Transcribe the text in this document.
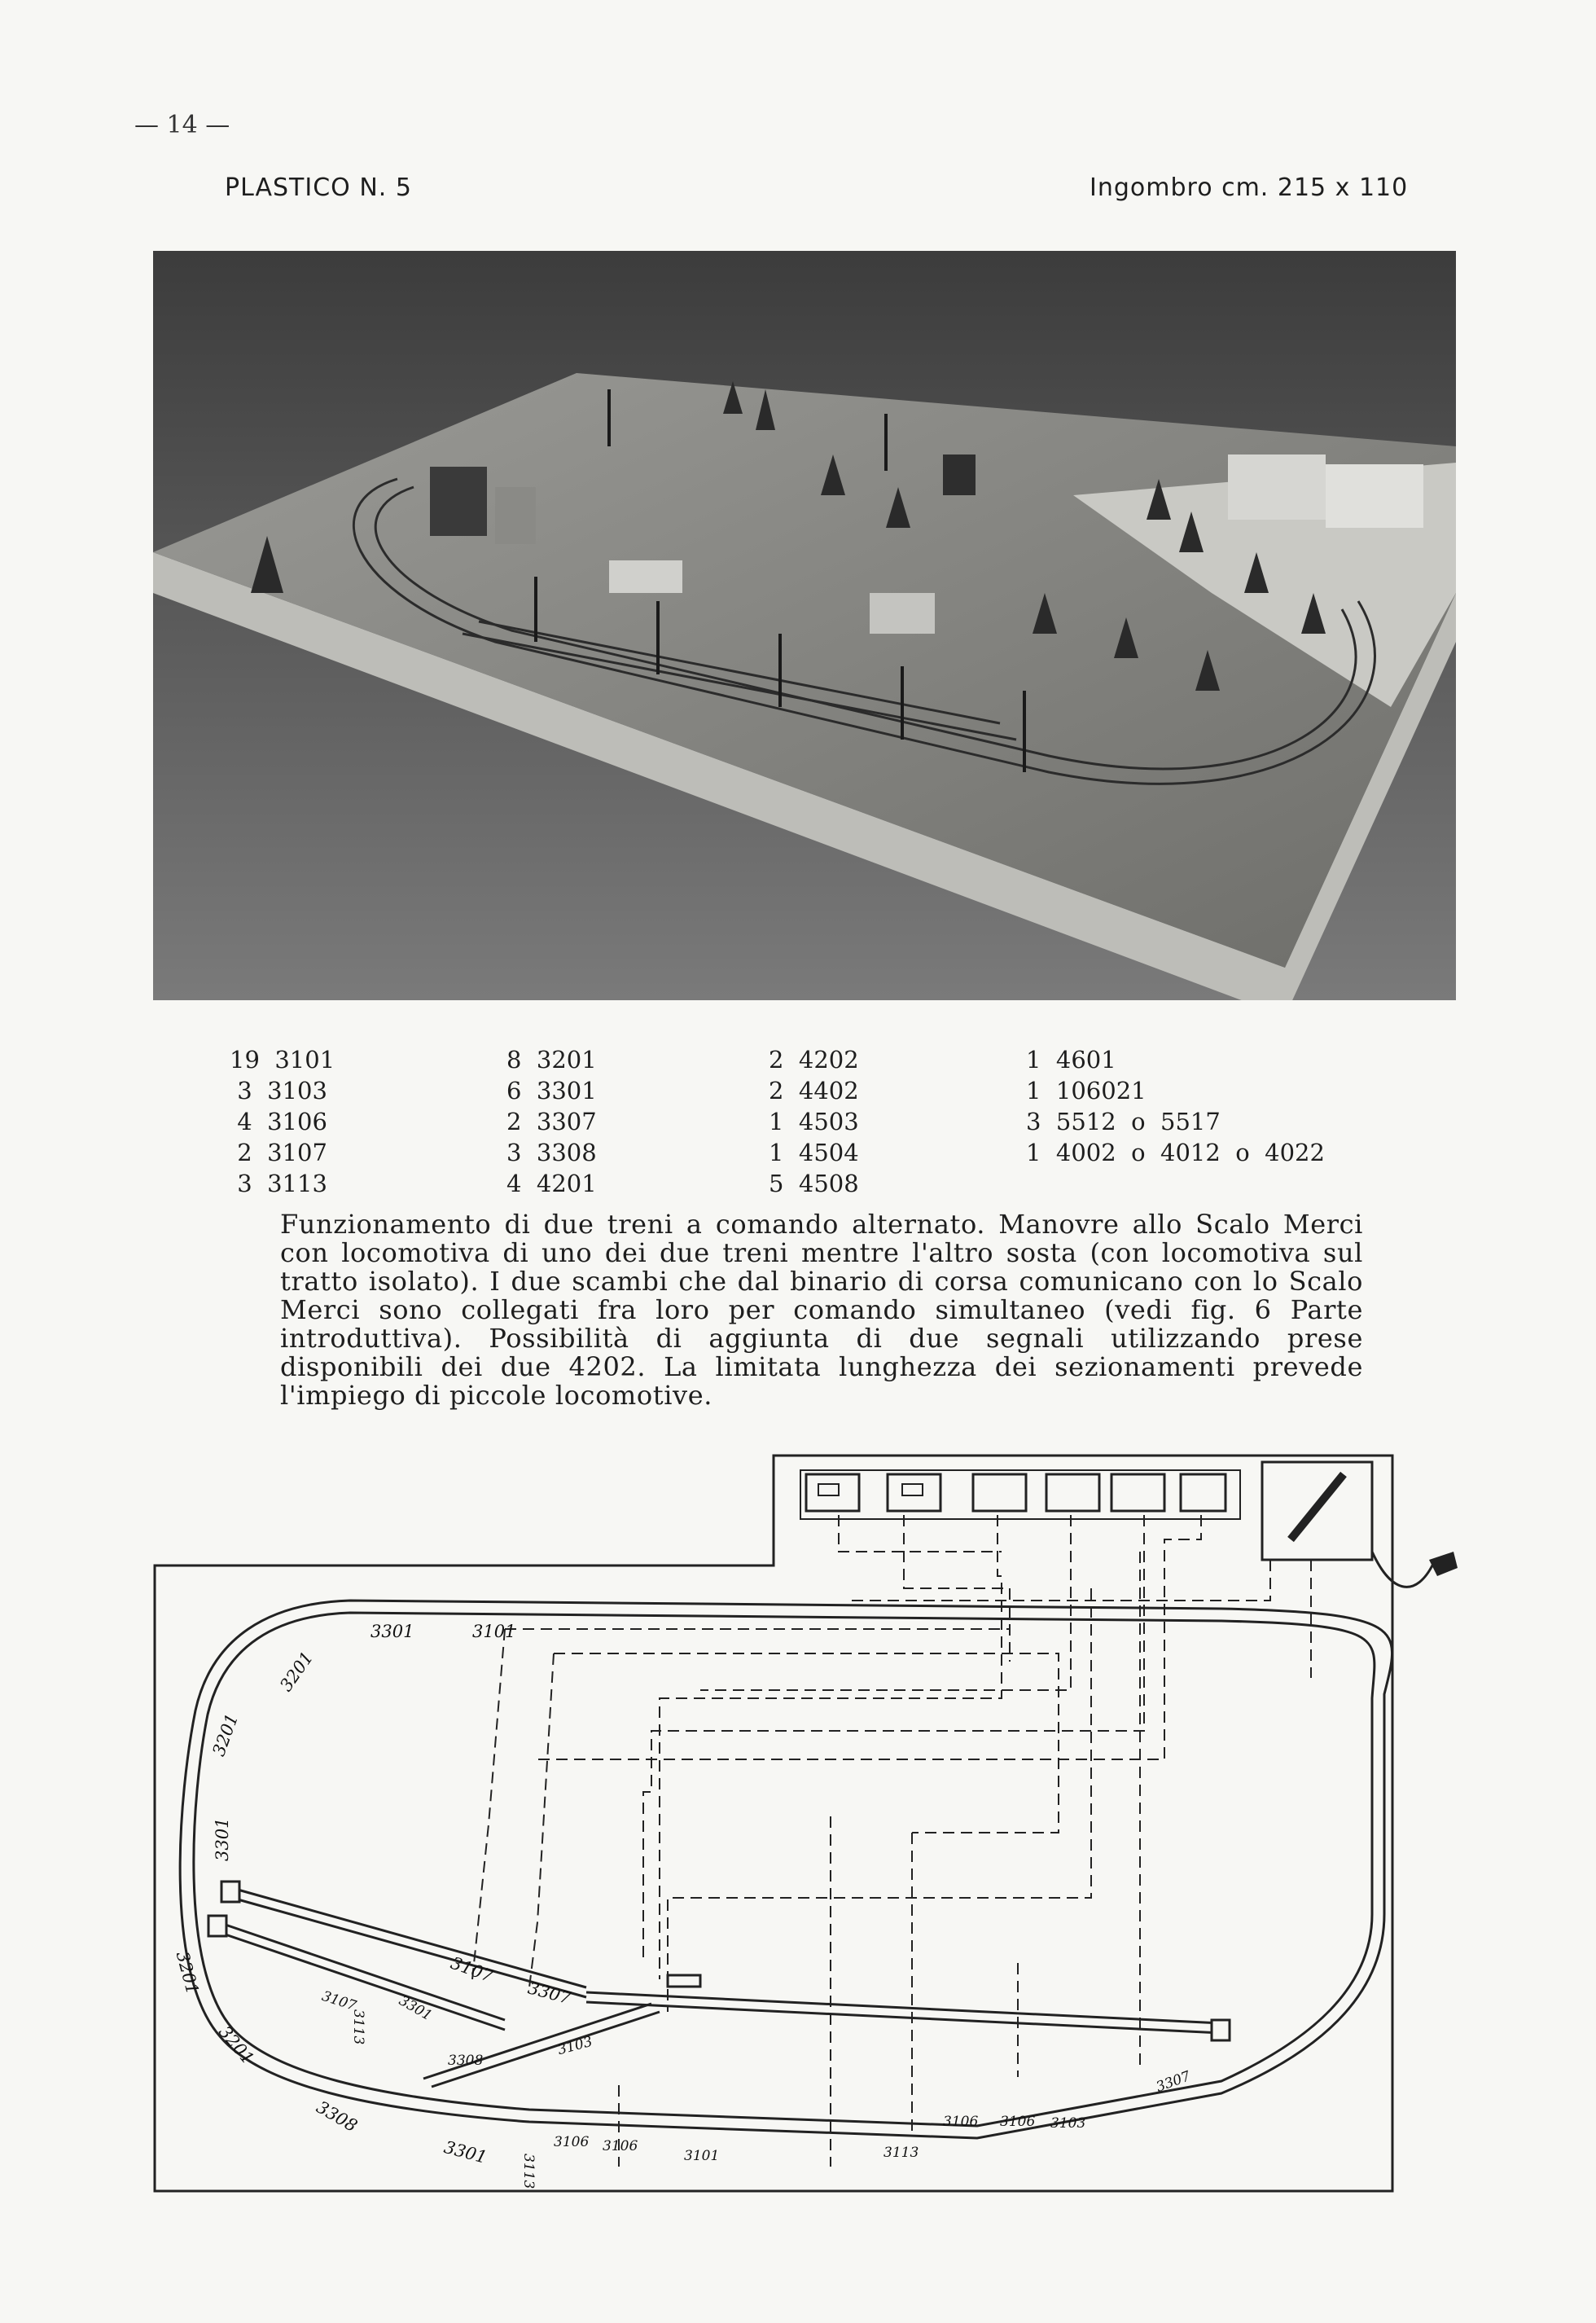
— 14 —
PLASTICO N. 5	Ingombro cm. 215 x 110
19  3101
3  3103
4  3106
2  3107
3  3113
8  3201
6  3301
2  3307
3  3308
4  4201
2  4202
2  4402
1  4503
1  4504
5  4508
1  4601
1  106021
3  5512  o  5517
1  4002  o  4012  o  4022
Funzionamento di due treni a comando alternato. Manovre allo Scalo Merci con locomotiva di uno dei due treni mentre l'altro sosta (con locomotiva sul tratto isolato). I due scambi che dal binario di corsa comunicano con lo Scalo Merci sono collegati fra loro per comando simultaneo (vedi fig. 6 Parte introduttiva). Possibilità di aggiunta di due segnali utilizzando prese disponibili dei due 4202. La limitata lunghezza dei sezionamenti prevede l'impiego di piccole locomotive.
3301	3101
3201
3201
3301
3201
3201
3308
3107
3113
3301
3107
3307
3308
3103
3301
3113
3106 3106
3101
3106 3106 3103
3307
3113
